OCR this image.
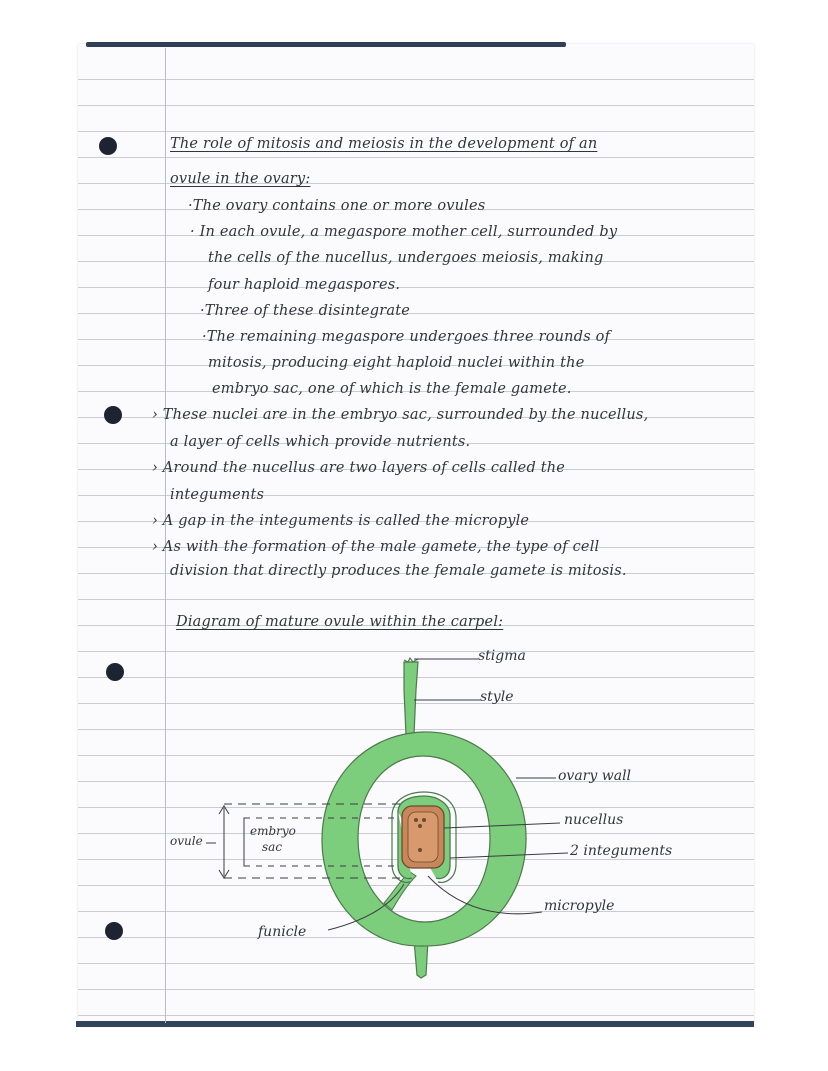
The role of mitosis and meiosis in the development of an
ovule in the ovary:
·The ovary contains one or more ovules
· In each ovule, a megaspore mother cell, surrounded by
the cells of the nucellus, undergoes meiosis, making
four haploid megaspores.
·Three of these disintegrate
·The remaining megaspore undergoes three rounds of
mitosis, producing eight haploid nuclei within the
embryo sac, one of which is the female gamete.
› These nuclei are in the embryo sac, surrounded by the nucellus,
a layer of cells which provide nutrients.
› Around the nucellus are two layers of cells called the
integuments
› A gap in the integuments is called the micropyle
› As with the formation of the male gamete, the type of cell
division that directly produces the female gamete is mitosis.
Diagram of mature ovule within the carpel:
stigma
style
ovary wall
nucellus
2 integuments
micropyle
funicle
ovule
embryo
sac
